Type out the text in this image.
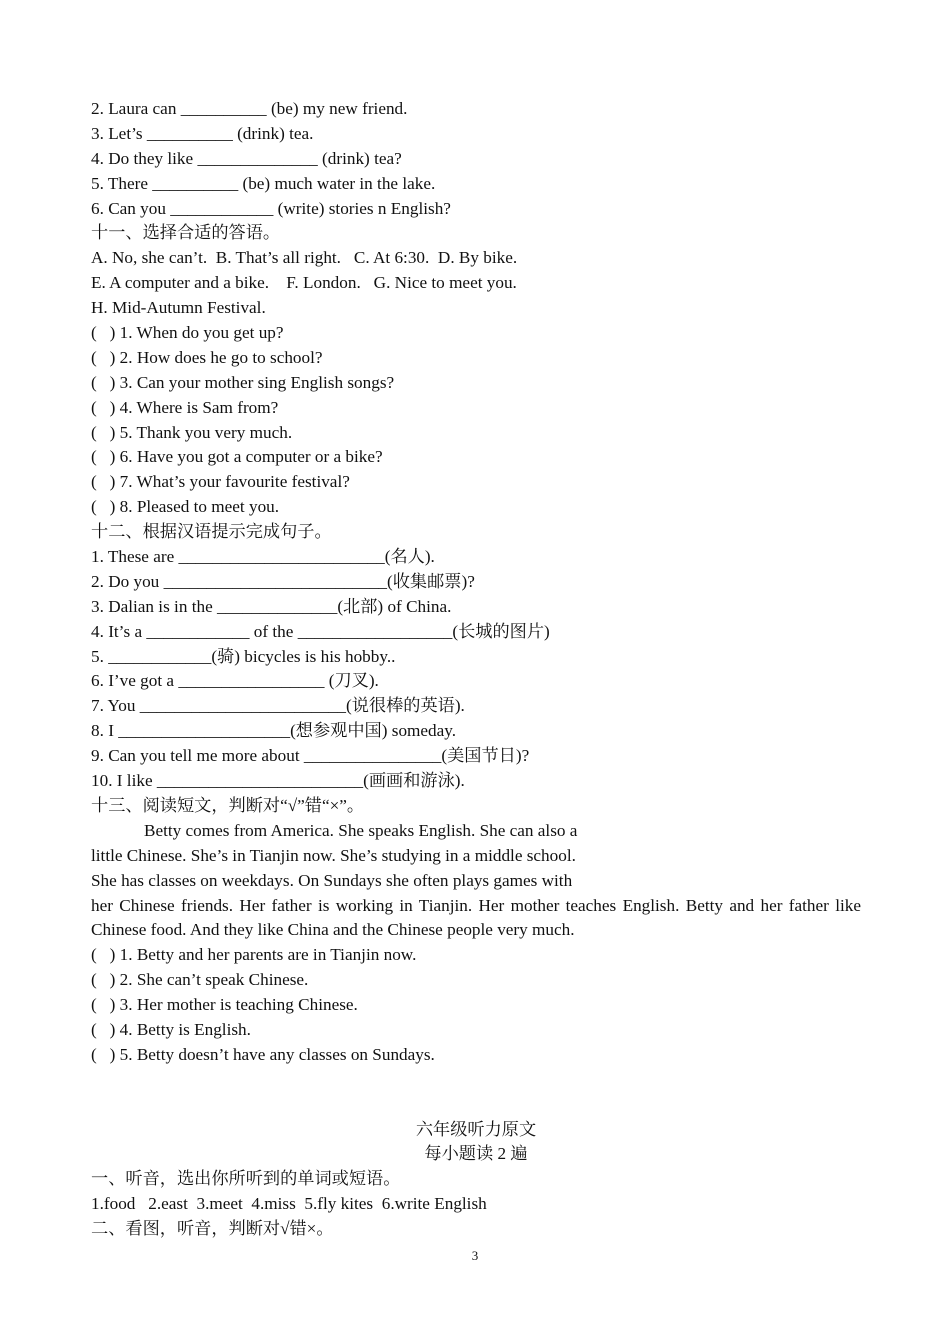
2. Laura can __________ (be) my new friend.
3. Let’s __________ (drink) tea.
4. Do they like ______________ (drink) tea?
5. There __________ (be) much water in the lake.
6. Can you ____________ (write) stories n English?
十一、选择合适的答语。
A. No, she can’t.  B. That’s all right.   C. At 6:30.  D. By bike.
E. A computer and a bike.    F. London.   G. Nice to meet you.
H. Mid-Autumn Festival.
(   ) 1. When do you get up?
(   ) 2. How does he go to school?
(   ) 3. Can your mother sing English songs?
(   ) 4. Where is Sam from?
(   ) 5. Thank you very much.
(   ) 6. Have you got a computer or a bike?
(   ) 7. What’s your favourite festival?
(   ) 8. Pleased to meet you.
十二、根据汉语提示完成句子。
1. These are ________________________(名人).
2. Do you __________________________(收集邮票)?
3. Dalian is in the ______________(北部) of China.
4. It’s a ____________ of the __________________(长城的图片)
5. ____________(骑) bicycles is his hobby..
6. I’ve got a _________________ (刀叉).
7. You ________________________(说很棒的英语).
8. I ____________________(想参观中国) someday.
9. Can you tell me more about ________________(美国节日)?
10. I like ________________________(画画和游泳).
十三、阅读短文，判断对“√”错“×”。
Betty comes from America. She speaks English. She can also a
little Chinese. She’s in Tianjin now. She’s studying in a middle school.
She has classes on weekdays. On Sundays she often plays games with
her Chinese friends. Her father is working in Tianjin. Her mother teaches English. Betty and her father like Chinese food. And they like China and the Chinese people very much.
(   ) 1. Betty and her parents are in Tianjin now.
(   ) 2. She can’t speak Chinese.
(   ) 3. Her mother is teaching Chinese.
(   ) 4. Betty is English.
(   ) 5. Betty doesn’t have any classes on Sundays.
六年级听力原文
每小题读 2 遍
一、听音，选出你所听到的单词或短语。
1.food   2.east  3.meet  4.miss  5.fly kites  6.write English
二、看图，听音，判断对√错×。
3
